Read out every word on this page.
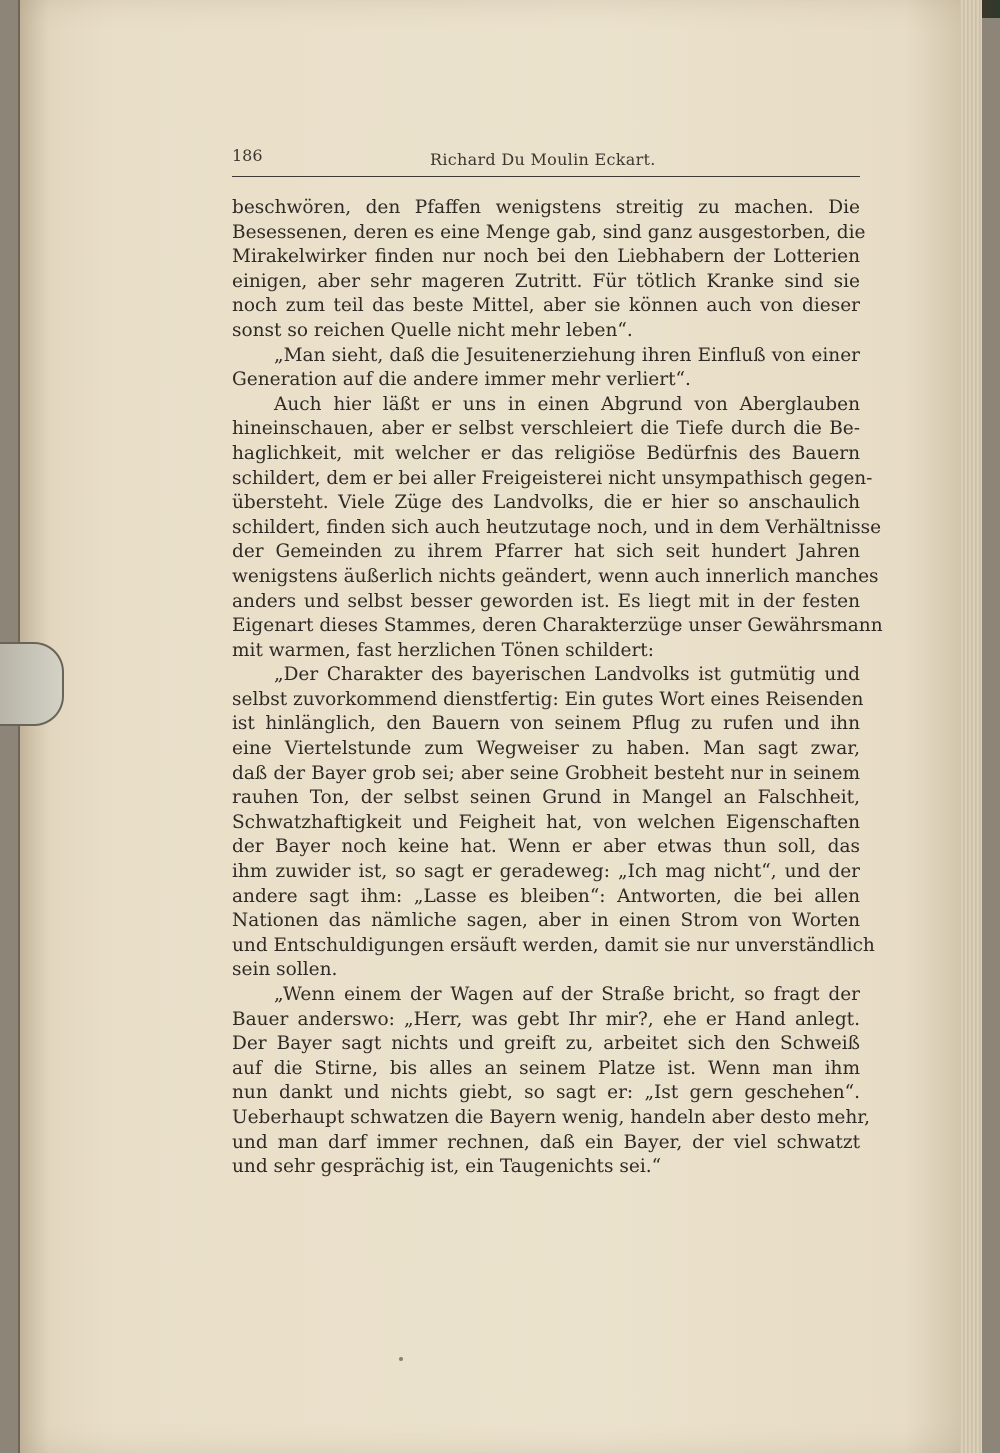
186	Richard Du Moulin Eckart.
beschwören, den Pfaffen wenigstens streitig zu machen. Die
Besessenen, deren es eine Menge gab, sind ganz ausgestorben, die
Mirakelwirker finden nur noch bei den Liebhabern der Lotterien
einigen, aber sehr mageren Zutritt. Für tötlich Kranke sind sie
noch zum teil das beste Mittel, aber sie können auch von dieser
sonst so reichen Quelle nicht mehr leben“.
„Man sieht, daß die Jesuitenerziehung ihren Einfluß von einer
Generation auf die andere immer mehr verliert“.
Auch hier läßt er uns in einen Abgrund von Aberglauben
hineinschauen, aber er selbst verschleiert die Tiefe durch die Be-
haglichkeit, mit welcher er das religiöse Bedürfnis des Bauern
schildert, dem er bei aller Freigeisterei nicht unsympathisch gegen-
übersteht. Viele Züge des Landvolks, die er hier so anschaulich
schildert, finden sich auch heutzutage noch, und in dem Verhältnisse
der Gemeinden zu ihrem Pfarrer hat sich seit hundert Jahren
wenigstens äußerlich nichts geändert, wenn auch innerlich manches
anders und selbst besser geworden ist. Es liegt mit in der festen
Eigenart dieses Stammes, deren Charakterzüge unser Gewährsmann
mit warmen, fast herzlichen Tönen schildert:
„Der Charakter des bayerischen Landvolks ist gutmütig und
selbst zuvorkommend dienstfertig: Ein gutes Wort eines Reisenden
ist hinlänglich, den Bauern von seinem Pflug zu rufen und ihn
eine Viertelstunde zum Wegweiser zu haben. Man sagt zwar,
daß der Bayer grob sei; aber seine Grobheit besteht nur in seinem
rauhen Ton, der selbst seinen Grund in Mangel an Falschheit,
Schwatzhaftigkeit und Feigheit hat, von welchen Eigenschaften
der Bayer noch keine hat. Wenn er aber etwas thun soll, das
ihm zuwider ist, so sagt er geradeweg: „Ich mag nicht“, und der
andere sagt ihm: „Lasse es bleiben“: Antworten, die bei allen
Nationen das nämliche sagen, aber in einen Strom von Worten
und Entschuldigungen ersäuft werden, damit sie nur unverständlich
sein sollen.
„Wenn einem der Wagen auf der Straße bricht, so fragt der
Bauer anderswo: „Herr, was gebt Ihr mir?, ehe er Hand anlegt.
Der Bayer sagt nichts und greift zu, arbeitet sich den Schweiß
auf die Stirne, bis alles an seinem Platze ist. Wenn man ihm
nun dankt und nichts giebt, so sagt er: „Ist gern geschehen“.
Ueberhaupt schwatzen die Bayern wenig, handeln aber desto mehr,
und man darf immer rechnen, daß ein Bayer, der viel schwatzt
und sehr gesprächig ist, ein Taugenichts sei.“
